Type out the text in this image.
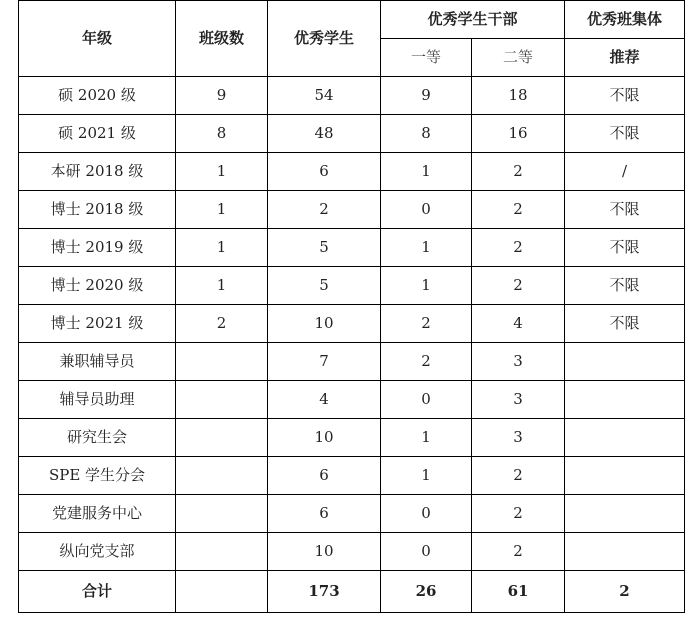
年级	班级数	优秀学生	优秀学生干部		优秀班集体
			一等	二等	推荐
硕 2020 级	9	54	9	18	不限
硕 2021 级	8	48	8	16	不限
本研 2018 级	1	6	1	2	/
博士 2018 级	1	2	0	2	不限
博士 2019 级	1	5	1	2	不限
博士 2020 级	1	5	1	2	不限
博士 2021 级	2	10	2	4	不限
兼职辅导员		7	2	3	
辅导员助理		4	0	3	
研究生会		10	1	3	
SPE 学生分会		6	1	2	
党建服务中心		6	0	2	
纵向党支部		10	0	2	
合计		173	26	61	2
